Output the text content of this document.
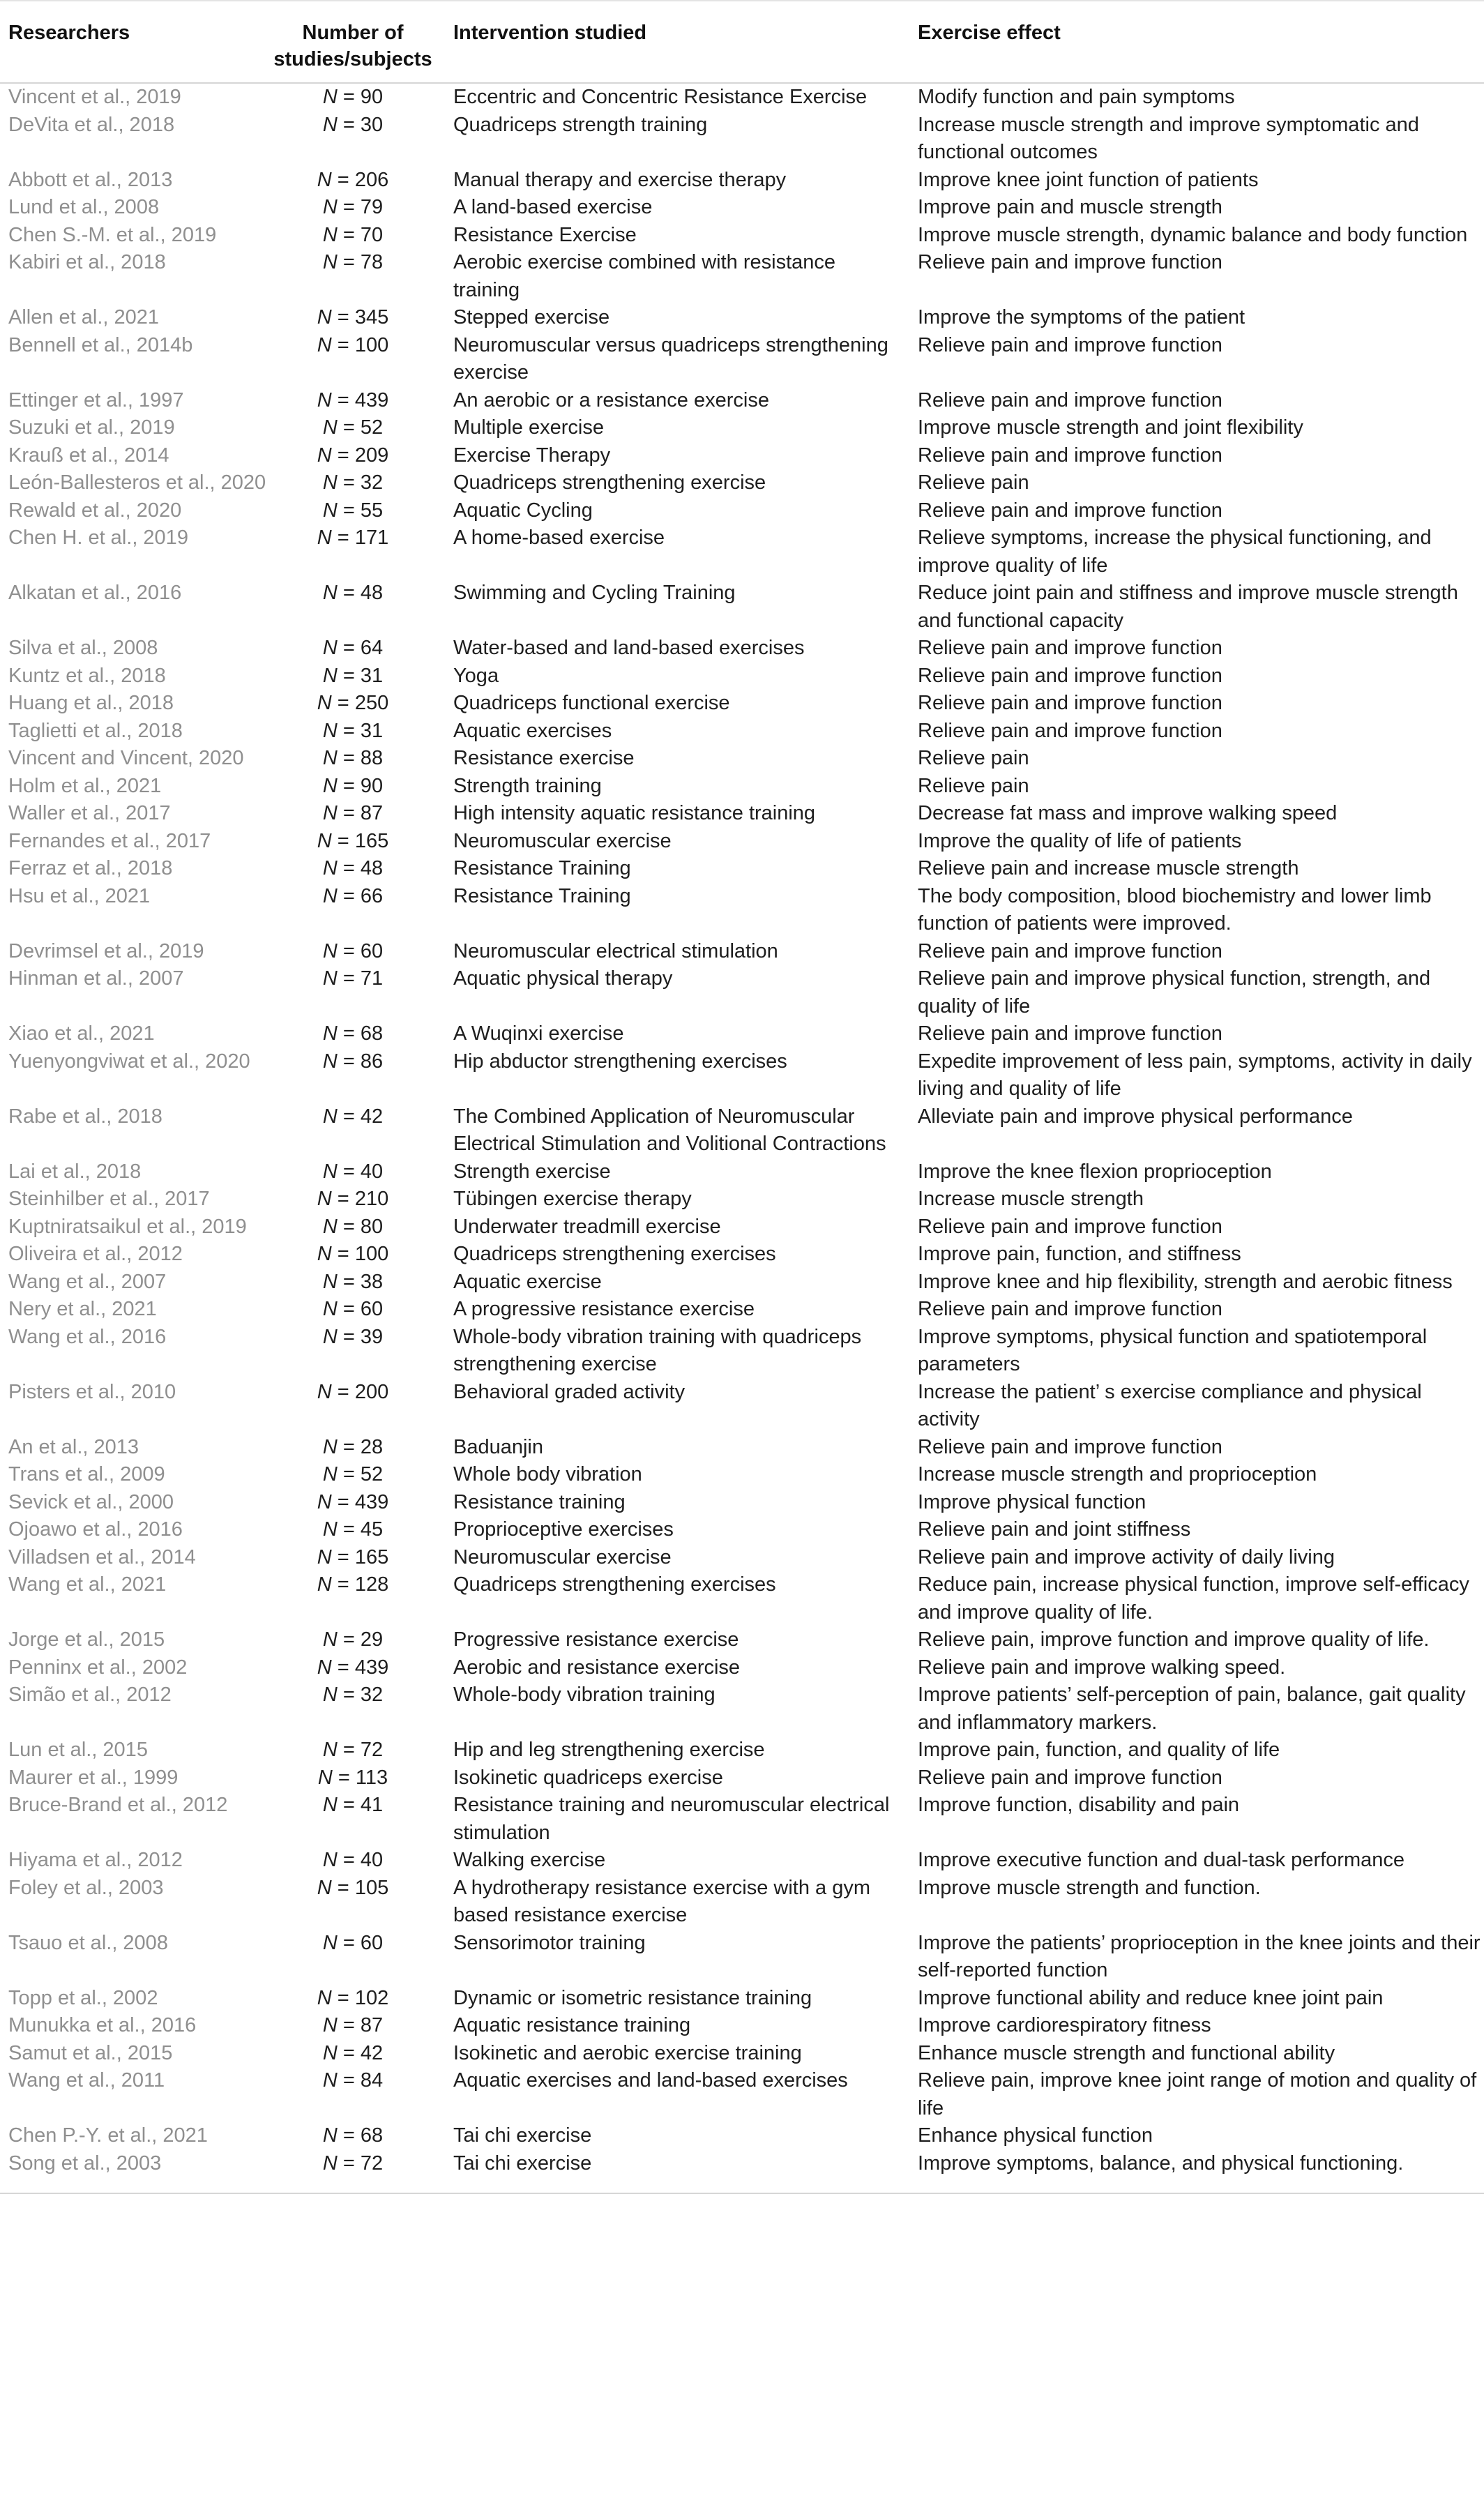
Researchers	Number of studies/subjects	Intervention studied	Exercise effect
Vincent et al., 2019	N = 90	Eccentric and Concentric Resistance Exercise	Modify function and pain symptoms
DeVita et al., 2018	N = 30	Quadriceps strength training	Increase muscle strength and improve symptomatic and functional outcomes
Abbott et al., 2013	N = 206	Manual therapy and exercise therapy	Improve knee joint function of patients
Lund et al., 2008	N = 79	A land-based exercise	Improve pain and muscle strength
Chen S.-M. et al., 2019	N = 70	Resistance Exercise	Improve muscle strength, dynamic balance and body function
Kabiri et al., 2018	N = 78	Aerobic exercise combined with resistance training	Relieve pain and improve function
Allen et al., 2021	N = 345	Stepped exercise	Improve the symptoms of the patient
Bennell et al., 2014b	N = 100	Neuromuscular versus quadriceps strengthening exercise	Relieve pain and improve function
Ettinger et al., 1997	N = 439	An aerobic or a resistance exercise	Relieve pain and improve function
Suzuki et al., 2019	N = 52	Multiple exercise	Improve muscle strength and joint flexibility
Krauß et al., 2014	N = 209	Exercise Therapy	Relieve pain and improve function
León-Ballesteros et al., 2020	N = 32	Quadriceps strengthening exercise	Relieve pain
Rewald et al., 2020	N = 55	Aquatic Cycling	Relieve pain and improve function
Chen H. et al., 2019	N = 171	A home-based exercise	Relieve symptoms, increase the physical functioning, and improve quality of life
Alkatan et al., 2016	N = 48	Swimming and Cycling Training	Reduce joint pain and stiffness and improve muscle strength and functional capacity
Silva et al., 2008	N = 64	Water-based and land-based exercises	Relieve pain and improve function
Kuntz et al., 2018	N = 31	Yoga	Relieve pain and improve function
Huang et al., 2018	N = 250	Quadriceps functional exercise	Relieve pain and improve function
Taglietti et al., 2018	N = 31	Aquatic exercises	Relieve pain and improve function
Vincent and Vincent, 2020	N = 88	Resistance exercise	Relieve pain
Holm et al., 2021	N = 90	Strength training	Relieve pain
Waller et al., 2017	N = 87	High intensity aquatic resistance training	Decrease fat mass and improve walking speed
Fernandes et al., 2017	N = 165	Neuromuscular exercise	Improve the quality of life of patients
Ferraz et al., 2018	N = 48	Resistance Training	Relieve pain and increase muscle strength
Hsu et al., 2021	N = 66	Resistance Training	The body composition, blood biochemistry and lower limb function of patients were improved.
Devrimsel et al., 2019	N = 60	Neuromuscular electrical stimulation	Relieve pain and improve function
Hinman et al., 2007	N = 71	Aquatic physical therapy	Relieve pain and improve physical function, strength, and quality of life
Xiao et al., 2021	N = 68	A Wuqinxi exercise	Relieve pain and improve function
Yuenyongviwat et al., 2020	N = 86	Hip abductor strengthening exercises	Expedite improvement of less pain, symptoms, activity in daily living and quality of life
Rabe et al., 2018	N = 42	The Combined Application of Neuromuscular Electrical Stimulation and Volitional Contractions	Alleviate pain and improve physical performance
Lai et al., 2018	N = 40	Strength exercise	Improve the knee flexion proprioception
Steinhilber et al., 2017	N = 210	Tübingen exercise therapy	Increase muscle strength
Kuptniratsaikul et al., 2019	N = 80	Underwater treadmill exercise	Relieve pain and improve function
Oliveira et al., 2012	N = 100	Quadriceps strengthening exercises	Improve pain, function, and stiffness
Wang et al., 2007	N = 38	Aquatic exercise	Improve knee and hip flexibility, strength and aerobic fitness
Nery et al., 2021	N = 60	A progressive resistance exercise	Relieve pain and improve function
Wang et al., 2016	N = 39	Whole-body vibration training with quadriceps strengthening exercise	Improve symptoms, physical function and spatiotemporal parameters
Pisters et al., 2010	N = 200	Behavioral graded activity	Increase the patient’ s exercise compliance and physical activity
An et al., 2013	N = 28	Baduanjin	Relieve pain and improve function
Trans et al., 2009	N = 52	Whole body vibration	Increase muscle strength and proprioception
Sevick et al., 2000	N = 439	Resistance training	Improve physical function
Ojoawo et al., 2016	N = 45	Proprioceptive exercises	Relieve pain and joint stiffness
Villadsen et al., 2014	N = 165	Neuromuscular exercise	Relieve pain and improve activity of daily living
Wang et al., 2021	N = 128	Quadriceps strengthening exercises	Reduce pain, increase physical function, improve self-efficacy and improve quality of life.
Jorge et al., 2015	N = 29	Progressive resistance exercise	Relieve pain, improve function and improve quality of life.
Penninx et al., 2002	N = 439	Aerobic and resistance exercise	Relieve pain and improve walking speed.
Simão et al., 2012	N = 32	Whole-body vibration training	Improve patients’ self-perception of pain, balance, gait quality and inflammatory markers.
Lun et al., 2015	N = 72	Hip and leg strengthening exercise	Improve pain, function, and quality of life
Maurer et al., 1999	N = 113	Isokinetic quadriceps exercise	Relieve pain and improve function
Bruce-Brand et al., 2012	N = 41	Resistance training and neuromuscular electrical stimulation	Improve function, disability and pain
Hiyama et al., 2012	N = 40	Walking exercise	Improve executive function and dual-task performance
Foley et al., 2003	N = 105	A hydrotherapy resistance exercise with a gym based resistance exercise	Improve muscle strength and function.
Tsauo et al., 2008	N = 60	Sensorimotor training	Improve the patients’ proprioception in the knee joints and their self-reported function
Topp et al., 2002	N = 102	Dynamic or isometric resistance training	Improve functional ability and reduce knee joint pain
Munukka et al., 2016	N = 87	Aquatic resistance training	Improve cardiorespiratory fitness
Samut et al., 2015	N = 42	Isokinetic and aerobic exercise training	Enhance muscle strength and functional ability
Wang et al., 2011	N = 84	Aquatic exercises and land-based exercises	Relieve pain, improve knee joint range of motion and quality of life
Chen P.-Y. et al., 2021	N = 68	Tai chi exercise	Enhance physical function
Song et al., 2003	N = 72	Tai chi exercise	Improve symptoms, balance, and physical functioning.
